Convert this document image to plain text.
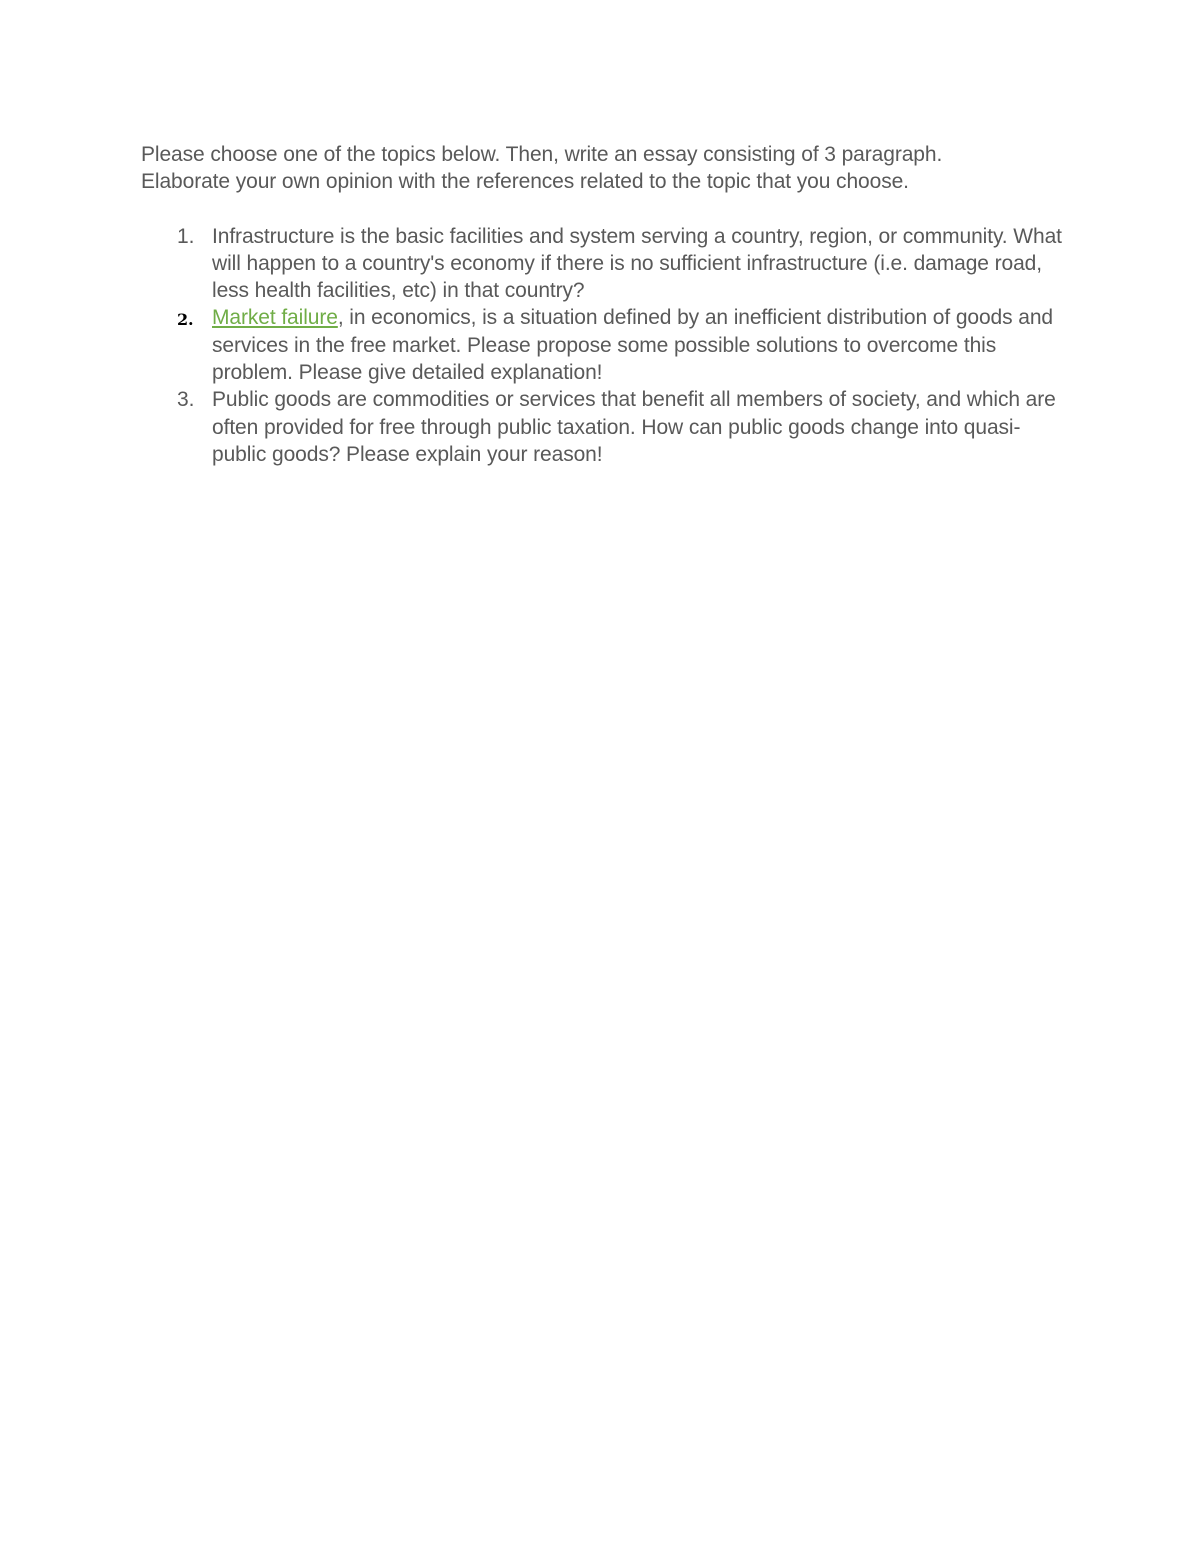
Please choose one of the topics below. Then, write an essay consisting of 3 paragraph.
Elaborate your own opinion with the references related to the topic that you choose.

1. Infrastructure is the basic facilities and system serving a country, region, or community. What will happen to a country's economy if there is no sufficient infrastructure (i.e. damage road, less health facilities, etc) in that country?
2. Market failure, in economics, is a situation defined by an inefficient distribution of goods and services in the free market. Please propose some possible solutions to overcome this problem. Please give detailed explanation!
3. Public goods are commodities or services that benefit all members of society, and which are often provided for free through public taxation. How can public goods change into quasi-public goods? Please explain your reason!
